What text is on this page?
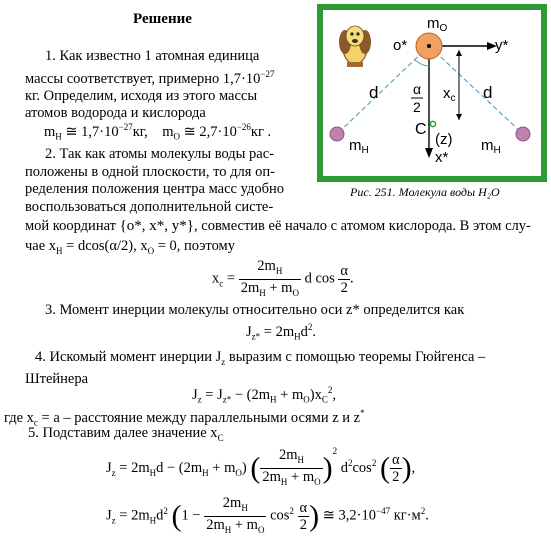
Решение
1. Как известно 1 атомная единица
массы соответствует, примерно $1,7\cdot 10^{-27}$
кг. Определим, исходя из этого массы
атомов водорода и кислорода
$m_H$ ≅ $1,7\cdot 10^{-27}кг$, $m_O$ ≅ $2,7\cdot 10^{-26}кг$ .
2. Так как атомы молекулы воды рас-
положены в одной плоскости, то для оп-
ределения положения центра масс удобно
воспользоваться дополнительной систе-
мой координат {o*, x*, y*}, совместив её начало с атомом кислорода. В этом слу-
чае $x_H = dcos(\alpha/2)$, $x_O = 0$, поэтому
$x_c = \frac{2m_H}{2m_H + m_O}$ d $\cos \frac{\alpha}{2}$ .
3. Момент инерции молекулы относительно оси z* определится как
$J_{z*} = 2m_Hd^2$.
4. Искомый момент инерции $J_z$ выразим с помощью теоремы Гюйгенса –
Штейнера
$J_z = J_{z*} - (2m_H + m_O)x_C^2$,
где $x_c = a$ – расстояние между параллельными осями z и z*
5. Подставим далее значение $x_C$
$J_z = 2m_Hd - (2m_H + m_O)$ ( $\frac{2m_H}{2m_H + m_O} )^2$ $d^2\cos^2$ ( $\frac{\alpha}{2}$ ),
$J_z = 2m_Hd^2$ ($1 - \frac{2m_H}{2m_H + m_O} \cos^2 \frac{\alpha}{2}$ ) ≅ $3,2\cdot 10^{-47}$ $кг\cdot м^2$.
$m_O$
o*	y*
x*
d	d
α
2
$x_c$
C
(z)
$m_H$	$m_H$
Рис. 251. Молекула воды H₂O
